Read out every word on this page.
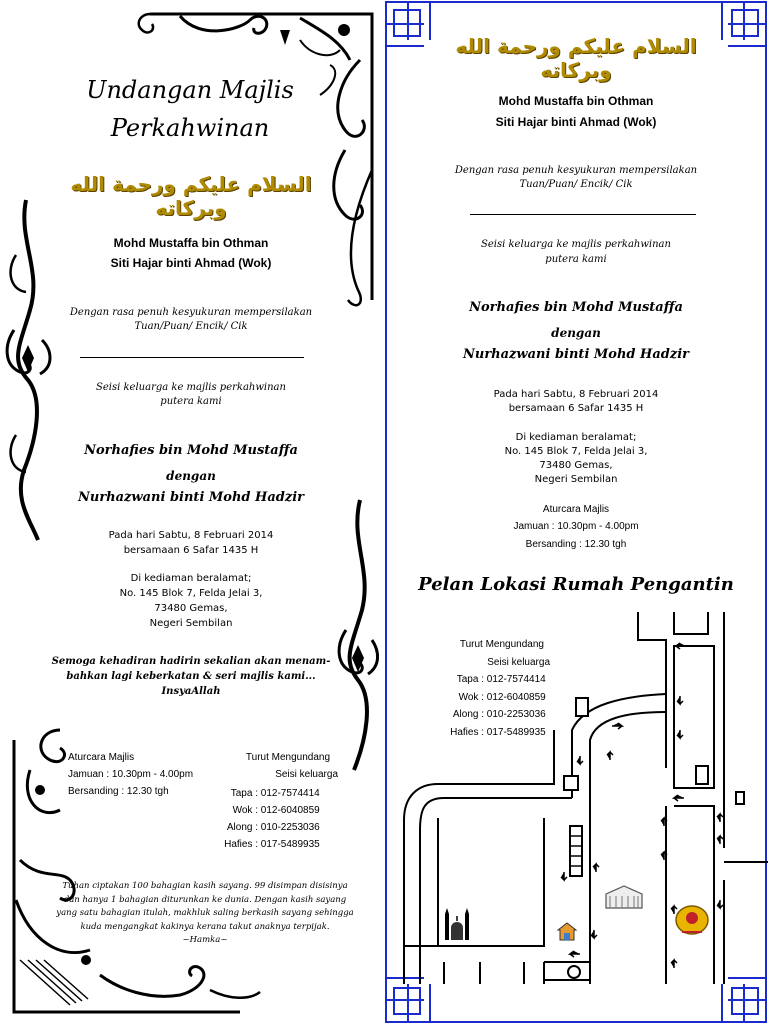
Undangan Majlis
Perkahwinan
السلام عليكم ورحمة الله وبركاته
Mohd Mustaffa bin Othman
Siti Hajar binti Ahmad (Wok)
Dengan rasa penuh kesyukuran mempersilakan
Tuan/Puan/ Encik/ Cik
Seisi keluarga ke majlis perkahwinan
putera kami
Norhafies bin Mohd Mustaffa
dengan
Nurhazwani binti Mohd Hadzir
Pada hari Sabtu, 8 Februari 2014
bersamaan 6 Safar 1435 H
Di kediaman beralamat;
No. 145 Blok 7, Felda Jelai 3,
73480 Gemas,
Negeri Sembilan
Semoga kehadiran hadirin sekalian akan menam-
bahkan lagi keberkatan & seri majlis kami...
InsyaAllah
Aturcara Majlis
Jamuan : 10.30pm - 4.00pm
Bersanding : 12.30 tgh
Turut Mengundang
Seisi keluarga
Tapa : 012-7574414
Wok : 012-6040859
Along : 010-2253036
Hafies : 017-5489935
Tuhan ciptakan 100 bahagian kasih sayang. 99 disimpan disisinya
dan hanya 1 bahagian diturunkan ke dunia. Dengan kasih sayang
yang satu bahagian itulah, makhluk saling berkasih sayang sehingga
kuda mengangkat kakinya kerana takut anaknya terpijak.
~Hamka~
السلام عليكم ورحمة الله وبركاته
Mohd Mustaffa bin Othman
Siti Hajar binti Ahmad (Wok)
Dengan rasa penuh kesyukuran mempersilakan
Tuan/Puan/ Encik/ Cik
Seisi keluarga ke majlis perkahwinan
putera kami
Norhafies bin Mohd Mustaffa
dengan
Nurhazwani binti Mohd Hadzir
Pada hari Sabtu, 8 Februari 2014
bersamaan 6 Safar 1435 H
Di kediaman beralamat;
No. 145 Blok 7, Felda Jelai 3,
73480 Gemas,
Negeri Sembilan
Aturcara Majlis
Jamuan : 10.30pm - 4.00pm
Bersanding : 12.30 tgh
Pelan Lokasi Rumah Pengantin
Turut Mengundang
Seisi keluarga
Tapa : 012-7574414
Wok : 012-6040859
Along : 010-2253036
Hafies : 017-5489935
